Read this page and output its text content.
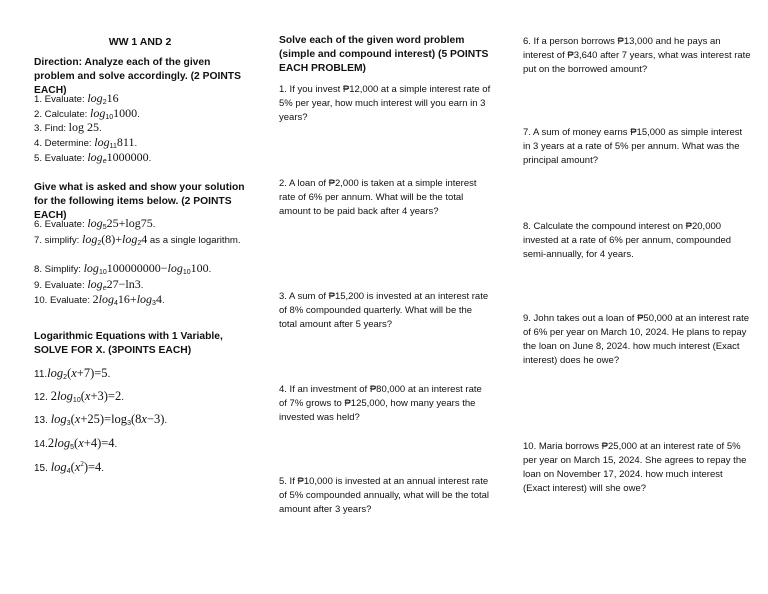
WW 1 AND 2
Direction: Analyze each of the given problem and solve accordingly. (2 POINTS EACH)
1. Evaluate: $\log_216$
2. Calculate: $\log_{10}1000$.
3. Find: log 25.
4. Determine: $\log_{11}811$.
5. Evaluate: $\log_e1000000$.
Give what is asked and show your solution for the following items below. (2 POINTS EACH)
6. Evaluate: $\log_525+\log 75$.
7. simplify: $\log_2(8)+\log_24$ as a single logarithm.
8. Simplify: $\log_{10}100000000-\log_{10}100$.
9. Evaluate: $\log_e27-\ln 3$.
10. Evaluate: $2\log_416+\log_34$.
Logarithmic Equations with 1 Variable, SOLVE FOR X. (3POINTS EACH)
$11.\log_2(x+7)=5$.
12. $2\log_{10}(x+3)=2$.
13. $\log_3(x+25)=\log_3(8x-3)$.
$14.2\log_5(x+4)=4$.
15. $\log_4(x^2)=4$.
Solve each of the given word problem (simple and compound interest) (5 POINTS EACH PROBLEM)
1. If you invest ₱12,000 at a simple interest rate of 5% per year, how much interest will you earn in 3 years?
2. A loan of ₱2,000 is taken at a simple interest rate of 6% per annum. What will be the total amount to be paid back after 4 years?
3. A sum of ₱15,200 is invested at an interest rate of 8% compounded quarterly. What will be the total amount after 5 years?
4. If an investment of ₱80,000 at an interest rate of 7% grows to ₱125,000, how many years the invested was held?
5. If ₱10,000 is invested at an annual interest rate of 5% compounded annually, what will be the total amount after 3 years?
6. If a person borrows ₱13,000 and he pays an interest of ₱3,640 after 7 years, what was interest rate put on the borrowed amount?
7. A sum of money earns ₱15,000 as simple interest in 3 years at a rate of 5% per annum. What was the principal amount?
8. Calculate the compound interest on ₱20,000 invested at a rate of 6% per annum, compounded semi-annually, for 4 years.
9. John takes out a loan of ₱50,000 at an interest rate of 6% per year on March 10, 2024. He plans to repay the loan on June 8, 2024. how much interest (Exact interest) does he owe?
10. Maria borrows ₱25,000 at an interest rate of 5% per year on March 15, 2024. She agrees to repay the loan on November 17, 2024. how much interest (Exact interest) will she owe?
